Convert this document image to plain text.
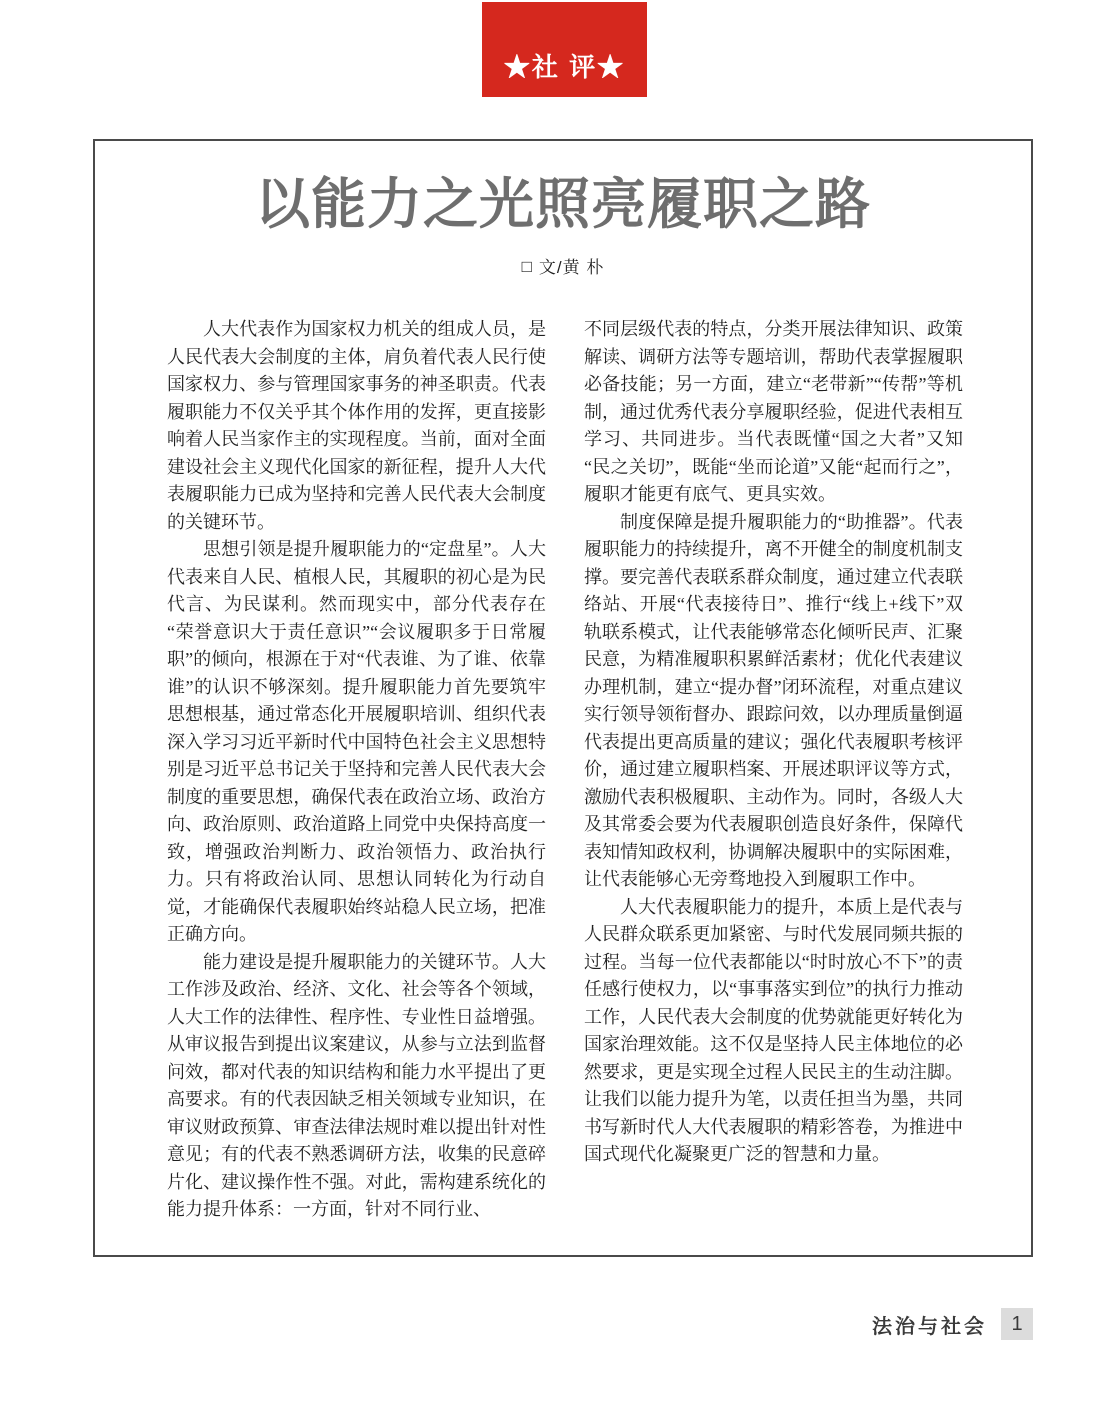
★社 评★
以能力之光照亮履职之路
□ 文/黄 朴

人大代表作为国家权力机关的组成人员，是人民代表大会制度的主体，肩负着代表人民行使国家权力、参与管理国家事务的神圣职责。代表履职能力不仅关乎其个体作用的发挥，更直接影响着人民当家作主的实现程度。当前，面对全面建设社会主义现代化国家的新征程，提升人大代表履职能力已成为坚持和完善人民代表大会制度的关键环节。

思想引领是提升履职能力的“定盘星”。人大代表来自人民、植根人民，其履职的初心是为民代言、为民谋利。然而现实中，部分代表存在“荣誉意识大于责任意识”“会议履职多于日常履职”的倾向，根源在于对“代表谁、为了谁、依靠谁”的认识不够深刻。提升履职能力首先要筑牢思想根基，通过常态化开展履职培训、组织代表深入学习习近平新时代中国特色社会主义思想特别是习近平总书记关于坚持和完善人民代表大会制度的重要思想，确保代表在政治立场、政治方向、政治原则、政治道路上同党中央保持高度一致，增强政治判断力、政治领悟力、政治执行力。只有将政治认同、思想认同转化为行动自觉，才能确保代表履职始终站稳人民立场，把准正确方向。

能力建设是提升履职能力的关键环节。人大工作涉及政治、经济、文化、社会等各个领域，人大工作的法律性、程序性、专业性日益增强。从审议报告到提出议案建议，从参与立法到监督问效，都对代表的知识结构和能力水平提出了更高要求。有的代表因缺乏相关领域专业知识，在审议财政预算、审查法律法规时难以提出针对性意见；有的代表不熟悉调研方法，收集的民意碎片化、建议操作性不强。对此，需构建系统化的能力提升体系：一方面，针对不同行业、

不同层级代表的特点，分类开展法律知识、政策解读、调研方法等专题培训，帮助代表掌握履职必备技能；另一方面，建立“老带新”“传帮”等机制，通过优秀代表分享履职经验，促进代表相互学习、共同进步。当代表既懂“国之大者”又知“民之关切”，既能“坐而论道”又能“起而行之”，履职才能更有底气、更具实效。

制度保障是提升履职能力的“助推器”。代表履职能力的持续提升，离不开健全的制度机制支撑。要完善代表联系群众制度，通过建立代表联络站、开展“代表接待日”、推行“线上+线下”双轨联系模式，让代表能够常态化倾听民声、汇聚民意，为精准履职积累鲜活素材；优化代表建议办理机制，建立“提办督”闭环流程，对重点建议实行领导领衔督办、跟踪问效，以办理质量倒逼代表提出更高质量的建议；强化代表履职考核评价，通过建立履职档案、开展述职评议等方式，激励代表积极履职、主动作为。同时，各级人大及其常委会要为代表履职创造良好条件，保障代表知情知政权利，协调解决履职中的实际困难，让代表能够心无旁骛地投入到履职工作中。

人大代表履职能力的提升，本质上是代表与人民群众联系更加紧密、与时代发展同频共振的过程。当每一位代表都能以“时时放心不下”的责任感行使权力，以“事事落实到位”的执行力推动工作，人民代表大会制度的优势就能更好转化为国家治理效能。这不仅是坚持人民主体地位的必然要求，更是实现全过程人民民主的生动注脚。让我们以能力提升为笔，以责任担当为墨，共同书写新时代人大代表履职的精彩答卷，为推进中国式现代化凝聚更广泛的智慧和力量。

法治与社会	1
